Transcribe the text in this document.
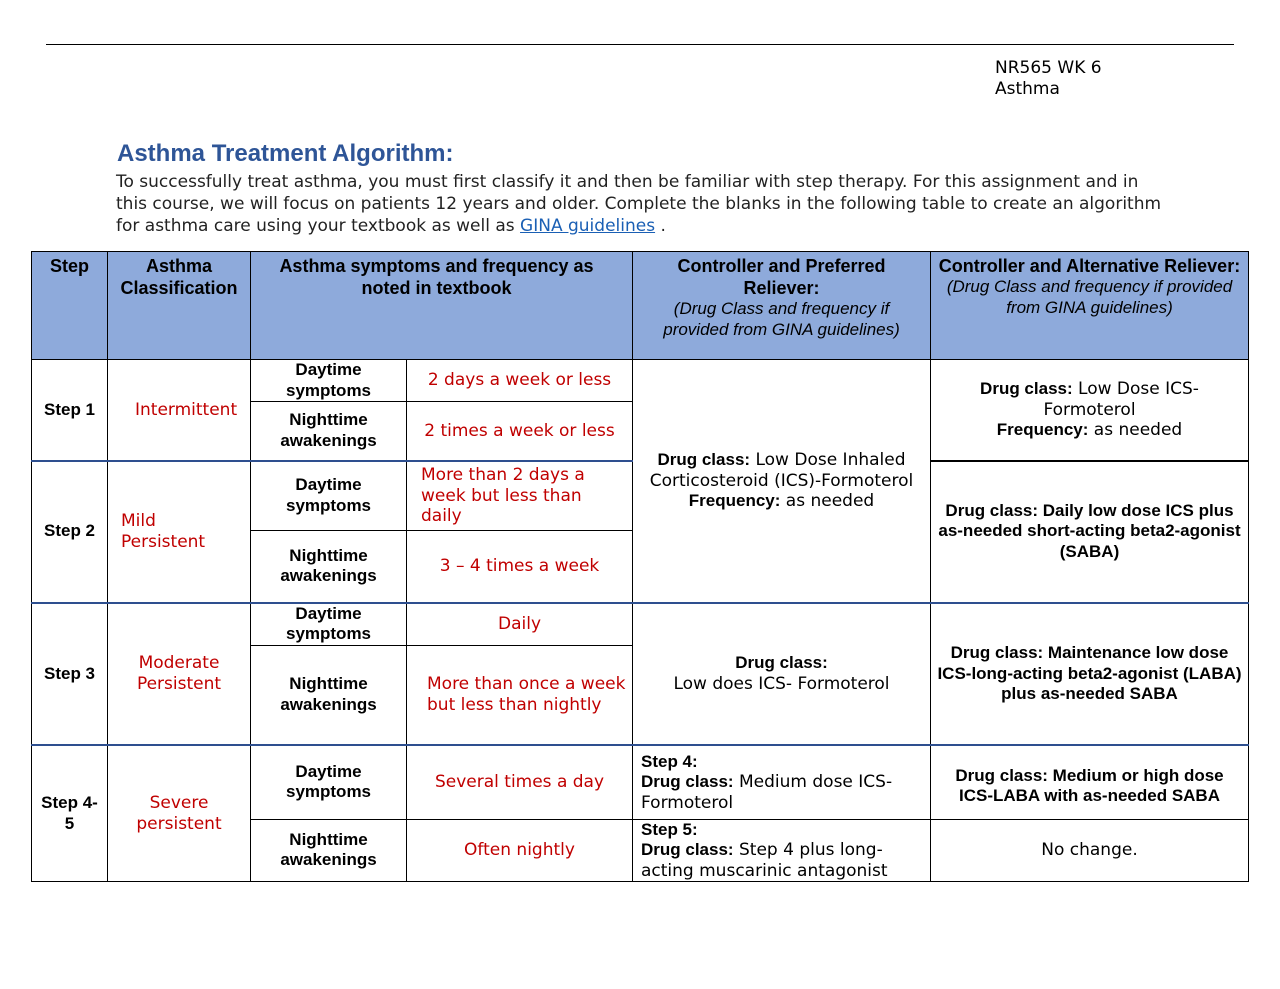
NR565 WK 6
Asthma
Asthma Treatment Algorithm:
To successfully treat asthma, you must first classify it and then be familiar with step therapy. For this assignment and in this course, we will focus on patients 12 years and older. Complete the blanks in the following table to create an algorithm for asthma care using your textbook as well as GINA guidelines .
Step	Asthma Classification	Asthma symptoms and frequency as noted in textbook		Controller and Preferred Reliever:
(Drug Class and frequency if provided from GINA guidelines)	Controller and Alternative Reliever:
(Drug Class and frequency if provided from GINA guidelines)

Step 1	Intermittent	Daytime symptoms	2 days a week or less	Drug class: Low Dose Inhaled Corticosteroid (ICS)-Formoterol
Frequency: as needed	Drug class: Low Dose ICS-Formoterol
Frequency: as needed
		Nighttime awakenings	2 times a week or less		
Step 2	Mild Persistent	Daytime symptoms	More than 2 days a week but less than daily		Drug class: Daily low dose ICS plus as-needed short-acting beta2-agonist (SABA)
		Nighttime awakenings	3 – 4 times a week		
Step 3	Moderate Persistent	Daytime symptoms	Daily	Drug class:
Low does ICS- Formoterol	Drug class: Maintenance low dose ICS-long-acting beta2-agonist (LABA) plus as-needed SABA
		Nighttime awakenings	More than once a week but less than nightly		
Step 4-5	Severe persistent	Daytime symptoms	Several times a day	Step 4:
Drug class: Medium dose ICS-Formoterol	Drug class: Medium or high dose ICS-LABA with as-needed SABA
		Nighttime awakenings	Often nightly	Step 5:
Drug class: Step 4 plus long-acting muscarinic antagonist	No change.
